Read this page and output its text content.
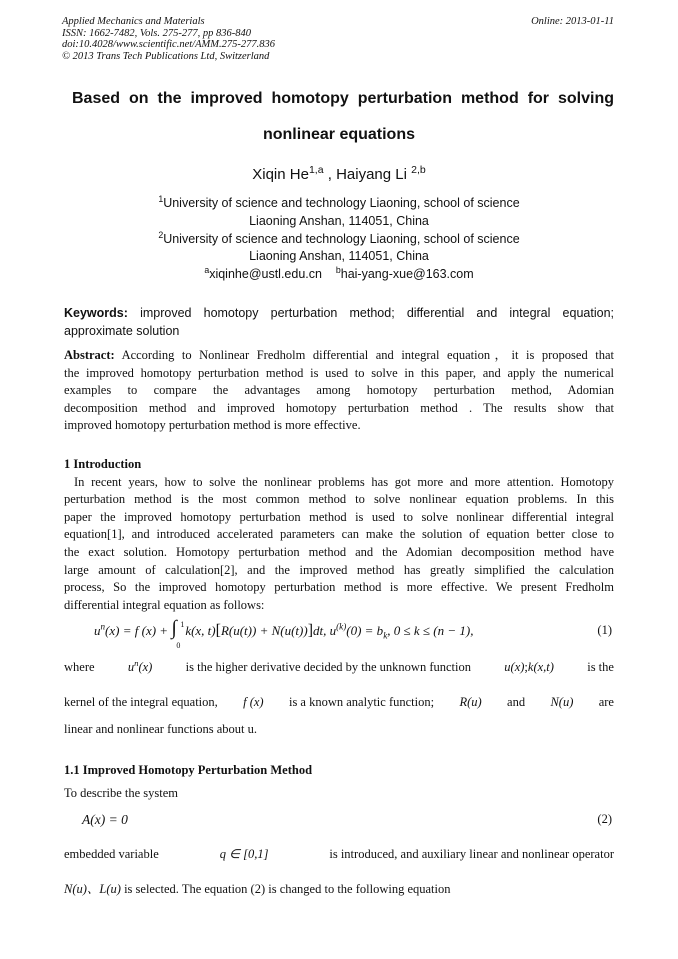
Applied Mechanics and Materials
ISSN: 1662-7482, Vols. 275-277, pp 836-840
doi:10.4028/www.scientific.net/AMM.275-277.836
© 2013 Trans Tech Publications Ltd, Switzerland
Online: 2013-01-11
Based on the improved homotopy perturbation method for solving
nonlinear equations
Xiqin He$^{1,a}$ , Haiyang Li $^{2,b}$
$^1$University of science and technology Liaoning, school of science
Liaoning Anshan, 114051, China
$^2$University of science and technology Liaoning, school of science
Liaoning Anshan, 114051, China
$^a$xiqinhe@ustl.edu.cn $^b$hai-yang-xue@163.com
Keywords: improved homotopy perturbation method; differential and integral equation;
approximate solution
Abstract: According to Nonlinear Fredholm differential and integral equation，it is proposed that
the improved homotopy perturbation method is used to solve in this paper, and apply the numerical
examples to compare the advantages among homotopy perturbation method, Adomian
decomposition method and improved homotopy perturbation method . The results show that
improved homotopy perturbation method is more effective.
1 Introduction
In recent years, how to solve the nonlinear problems has got more and more attention. Homotopy
perturbation method is the most common method to solve nonlinear equation problems. In this
paper the improved homotopy perturbation method is used to solve nonlinear differential integral
equation[1], and introduced accelerated parameters can make the solution of equation better close to
the exact solution. Homotopy perturbation method and the Adomian decomposition method have
large amount of calculation[2], and the improved method has greatly simplified the calculation
process, So the improved homotopy perturbation method is more effective. We present Fredholm
differential integral equation as follows:
$u^n(x) = f$ (x) + ∫ 1
0
k(x, t)[R(u(t)) + N(u(t))]dt, $u^{(k)}(0) = b_k$, 0 ≤ k ≤ (n − 1),	(1)
where	$u^n(x)$	is the higher derivative decided by the unknown function	u(x);k(x,t)	is the
kernel of the integral equation, f (x) is a known analytic function; R(u) and N(u) are
linear and nonlinear functions about u.
1.1 Improved Homotopy Perturbation Method
To describe the system
A(x) = 0	(2)
embedded variable	q ∈ [0,1]	is introduced, and auxiliary linear and nonlinear operator
N(u)、L(u) is selected. The equation (2) is changed to the following equation
